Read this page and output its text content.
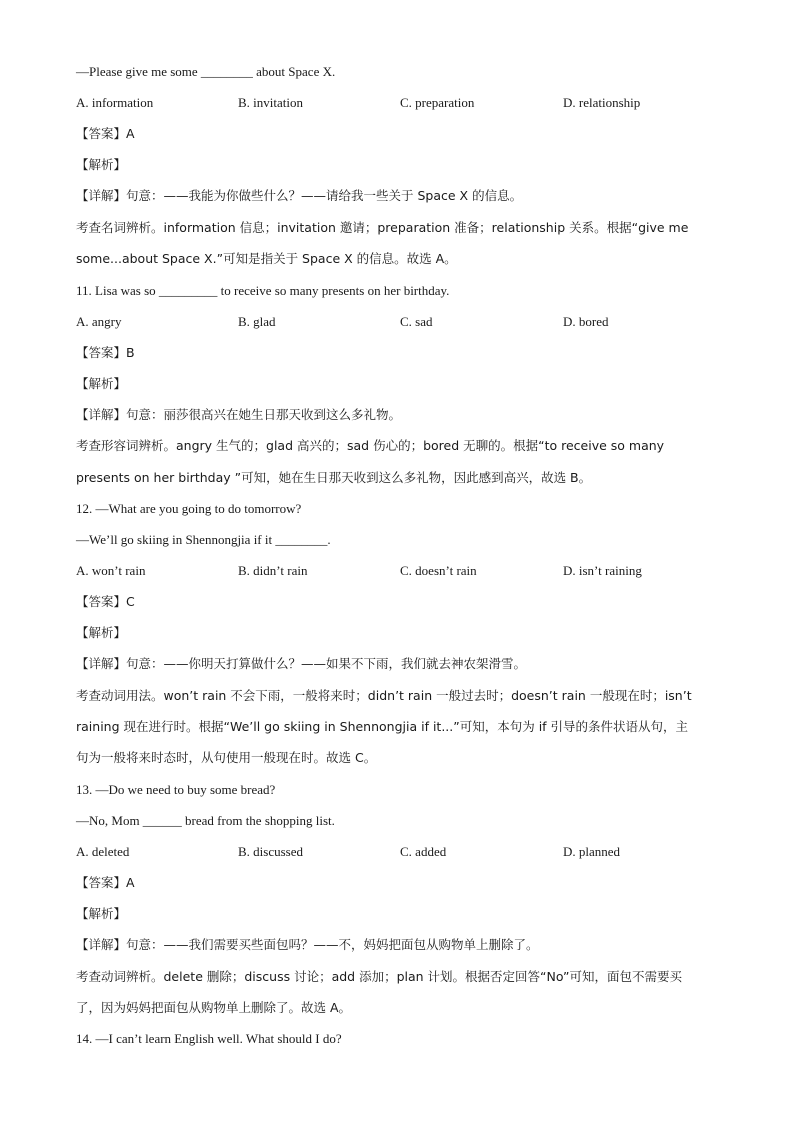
—Please give me some ________ about Space X.
A. information	B. invitation	C. preparation	D. relationship
【答案】A
【解析】
【详解】句意：——我能为你做些什么？——请给我一些关于 Space X 的信息。
考查名词辨析。information 信息；invitation 邀请；preparation 准备；relationship 关系。根据“give me
some...about Space X.”可知是指关于 Space X 的信息。故选 A。
11. Lisa was so _________ to receive so many presents on her birthday.
A. angry	B. glad	C. sad	D. bored
【答案】B
【解析】
【详解】句意：丽莎很高兴在她生日那天收到这么多礼物。
考查形容词辨析。angry 生气的；glad 高兴的；sad 伤心的；bored 无聊的。根据“to receive so many
presents on her birthday ”可知，她在生日那天收到这么多礼物，因此感到高兴，故选 B。
12. —What are you going to do tomorrow?
—We’ll go skiing in Shennongjia if it ________.
A. won’t rain	B. didn’t rain	C. doesn’t rain	D. isn’t raining
【答案】C
【解析】
【详解】句意：——你明天打算做什么？——如果不下雨，我们就去神农架滑雪。
考查动词用法。won’t rain 不会下雨，一般将来时；didn’t rain 一般过去时；doesn’t rain 一般现在时；isn’t
raining 现在进行时。根据“We’ll go skiing in Shennongjia if it...”可知，本句为 if 引导的条件状语从句，主
句为一般将来时态时，从句使用一般现在时。故选 C。
13. —Do we need to buy some bread?
—No, Mom ______ bread from the shopping list.
A. deleted	B. discussed	C. added	D. planned
【答案】A
【解析】
【详解】句意：——我们需要买些面包吗？——不，妈妈把面包从购物单上删除了。
考查动词辨析。delete 删除；discuss 讨论；add 添加；plan 计划。根据否定回答“No”可知，面包不需要买
了，因为妈妈把面包从购物单上删除了。故选 A。
14. —I can’t learn English well. What should I do?
